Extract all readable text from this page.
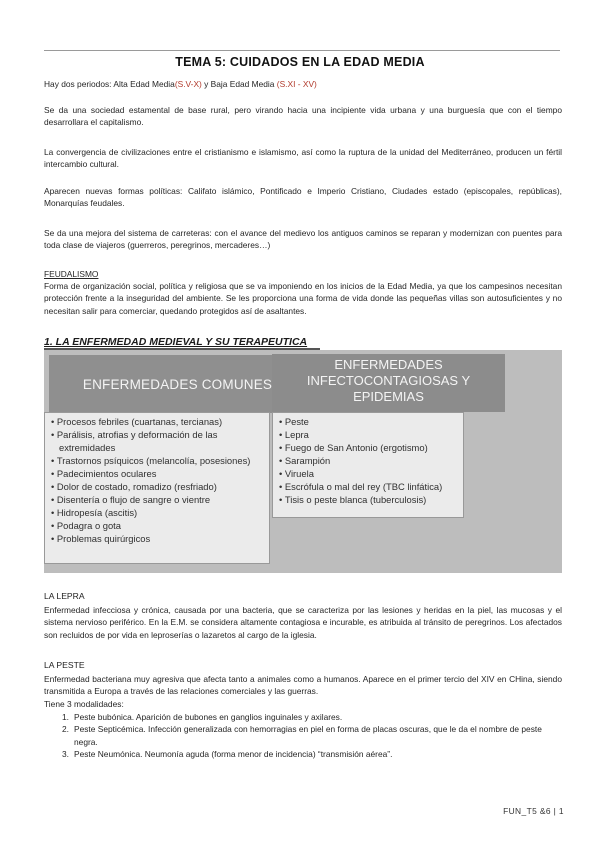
TEMA 5: CUIDADOS EN LA EDAD MEDIA

Hay dos periodos: Alta Edad Media(S.V-X) y Baja Edad Media (S.XI - XV)

Se da una sociedad estamental de base rural, pero virando hacia una incipiente vida urbana y una burguesía que con el tiempo desarrollara el capitalismo.

La convergencia de civilizaciones entre el cristianismo e islamismo, así como la ruptura de la unidad del Mediterráneo, producen un fértil intercambio cultural.

Aparecen nuevas formas políticas: Califato islámico, Pontificado e Imperio Cristiano, Ciudades estado (episcopales, repúblicas), Monarquías feudales.

Se da una mejora del sistema de carreteras: con el avance del medievo los antiguos caminos se reparan y modernizan con puentes para toda clase de viajeros (guerreros, peregrinos, mercaderes…)

FEUDALISMO

Forma de organización social, política y religiosa que se va imponiendo en los inicios de la Edad Media, ya que los campesinos necesitan protección frente a la inseguridad del ambiente. Se les proporciona una forma de vida donde las pequeñas villas son autosuficientes y no necesitan salir para comerciar, quedando protegidos así de asaltantes.

1. LA ENFERMEDAD MEDIEVAL Y SU TERAPEUTICA
ENFERMEDADES COMUNES
ENFERMEDADES
INFECTOCONTAGIOSAS Y
EPIDEMIAS
• Procesos febriles (cuartanas, tercianas)
• Parálisis, atrofias y deformación de las extremidades
• Trastornos psíquicos (melancolía, posesiones)
• Padecimientos oculares
• Dolor de costado, romadizo (resfriado)
• Disentería o flujo de sangre o vientre
• Hidropesía (ascitis)
• Podagra o gota
• Problemas quirúrgicos
• Peste
• Lepra
• Fuego de San Antonio (ergotismo)
• Sarampión
• Viruela
• Escrófula o mal del rey (TBC linfática)
• Tisis o peste blanca (tuberculosis)
LA LEPRA

Enfermedad infecciosa y crónica, causada por una bacteria, que se caracteriza por las lesiones y heridas en la piel, las mucosas y el sistema nervioso periférico. En la E.M. se considera altamente contagiosa e incurable, es atribuida al tránsito de peregrinos. Los afectados son recluidos de por vida en leproserías o lazaretos al cargo de la iglesia.

LA PESTE

Enfermedad bacteriana muy agresiva que afecta tanto a animales como a humanos. Aparece en el primer tercio del XIV en CHina, siendo transmitida a Europa a través de las relaciones comerciales y las guerras.

Tiene 3 modalidades:

1. Peste bubónica. Aparición de bubones en ganglios inguinales y axilares.
2. Peste Septicémica. Infección generalizada con hemorragias en piel en forma de placas oscuras, que le da el nombre de peste negra.
3. Peste Neumónica. Neumonía aguda (forma menor de incidencia) “transmisión aérea”.
FUN_T5 &6 | 1
